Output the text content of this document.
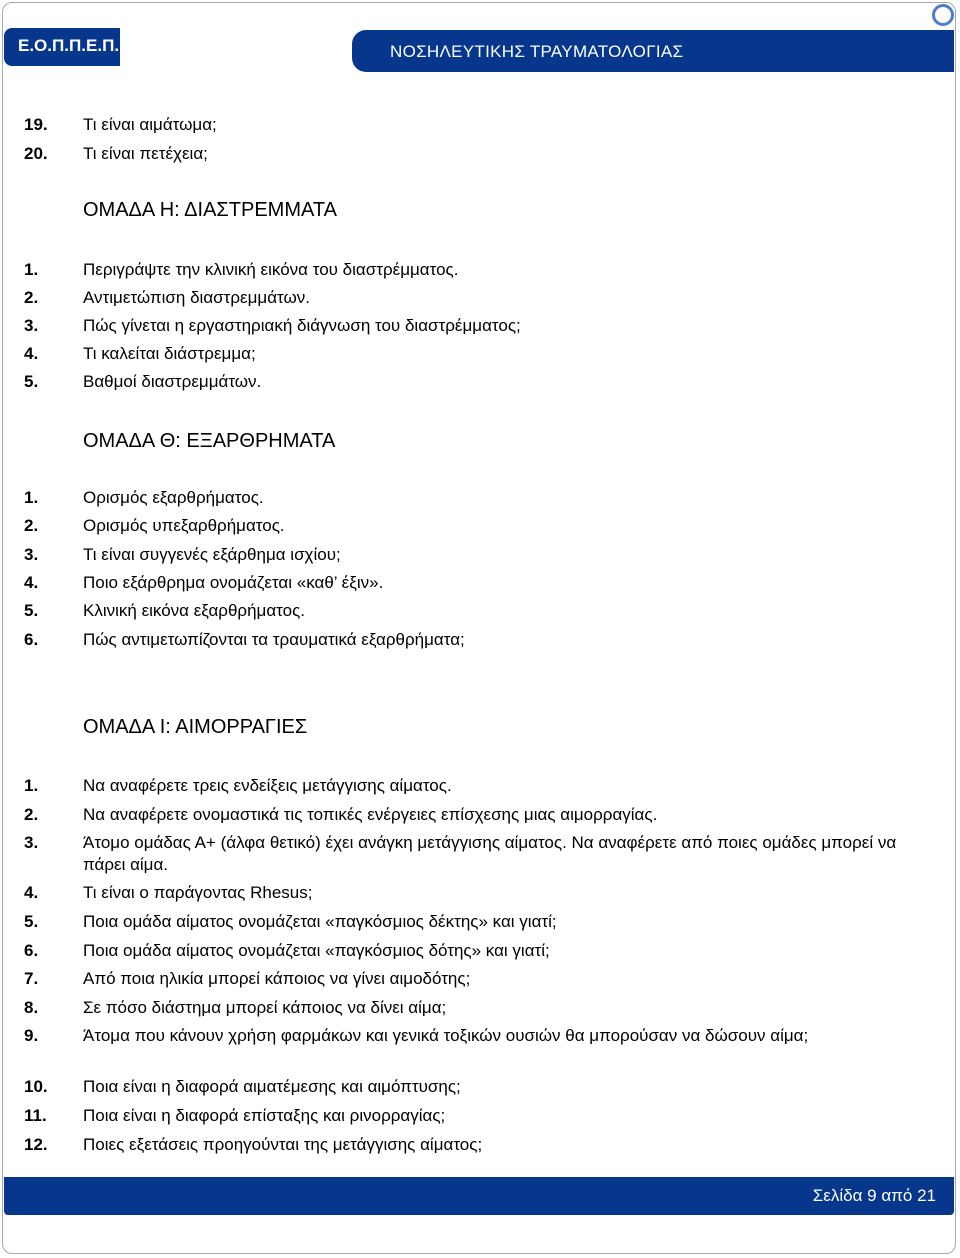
Ε.Ο.Π.Π.Ε.Π.	ΝΟΣΗΛΕΥΤΙΚΗΣ ΤΡΑΥΜΑΤΟΛΟΓΙΑΣ
19. Τι είναι αιμάτωμα;
20. Τι είναι πετέχεια;
ΟΜΑΔΑ Η: ΔΙΑΣΤΡΕΜΜΑΤΑ
1.	Περιγράψτε την κλινική εικόνα του διαστρέμματος.
2.	Αντιμετώπιση διαστρεμμάτων.
3.	Πώς γίνεται η εργαστηριακή διάγνωση του διαστρέμματος;
4.	Τι καλείται διάστρεμμα;
5.	Βαθμοί διαστρεμμάτων.
ΟΜΑΔΑ Θ: ΕΞΑΡΘΡΗΜΑΤΑ
1.	Ορισμός εξαρθρήματος.
2.	Ορισμός υπεξαρθρήματος.
3.	Τι είναι συγγενές εξάρθημα ισχίου;
4.	Ποιο εξάρθρημα ονομάζεται «καθ’ έξιν».
5.	Κλινική εικόνα εξαρθρήματος.
6.	Πώς αντιμετωπίζονται τα τραυματικά εξαρθρήματα;
ΟΜΑΔΑ Ι: ΑΙΜΟΡΡΑΓΙΕΣ
1.	Να αναφέρετε τρεις ενδείξεις μετάγγισης αίματος.
2.	Να αναφέρετε ονομαστικά τις τοπικές ενέργειες επίσχεσης μιας αιμορραγίας.
3.	Άτομο ομάδας Α+ (άλφα θετικό) έχει ανάγκη μετάγγισης αίματος. Να αναφέρετε από ποιες ομάδες μπορεί να πάρει αίμα.
4.	Τι είναι ο παράγοντας Rhesus;
5.	Ποια ομάδα αίματος ονομάζεται «παγκόσμιος δέκτης» και γιατί;
6.	Ποια ομάδα αίματος ονομάζεται «παγκόσμιος δότης» και γιατί;
7.	Από ποια ηλικία μπορεί κάποιος να γίνει αιμοδότης;
8.	Σε πόσο διάστημα μπορεί κάποιος να δίνει αίμα;
9.	Άτομα που κάνουν χρήση φαρμάκων και γενικά τοξικών ουσιών θα μπορούσαν να δώσουν αίμα;
10. Ποια είναι η διαφορά αιματέμεσης και αιμόπτυσης;
11. Ποια είναι η διαφορά επίσταξης και ρινορραγίας;
12. Ποιες εξετάσεις προηγούνται της μετάγγισης αίματος;
Σελίδα 9 από 21
